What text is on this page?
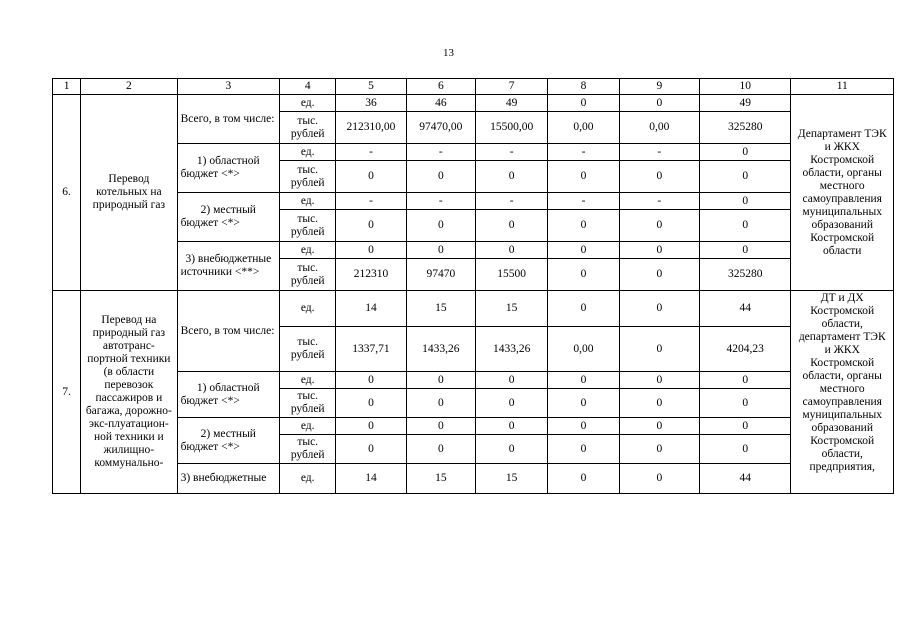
13
1	2	3	4	5	6	7	8	9	10	11
6.	Перевод котельных на природный газ	Всего, в том числе:	ед.	36	46	49	0	0	49	Департамент ТЭК и ЖКХ Костромской области, органы местного самоуправления муниципальных образований Костромской области
			тыс. рублей	212310,00	97470,00	15500,00	0,00	0,00	325280	
		1) областной бюджет <*>	ед.	-	-	-	-	-	0	
			тыс. рублей	0	0	0	0	0	0	
		2) местный бюджет <*>	ед.	-	-	-	-	-	0	
			тыс. рублей	0	0	0	0	0	0	
		3) внебюджетные источники <**>	ед.	0	0	0	0	0	0	
			тыс. рублей	212310	97470	15500	0	0	325280	
7.	Перевод на природный газ автотранс-портной техники (в области перевозок пассажиров и багажа, дорожно-экс-плуатацион-ной техники и жилищно-коммунально-	Всего, в том числе:	ед.	14	15	15	0	0	44	ДТ и ДХ Костромской области, департамент ТЭК и ЖКХ Костромской области, органы местного самоуправления муниципальных образований Костромской области, предприятия,
			тыс. рублей	1337,71	1433,26	1433,26	0,00	0	4204,23	
		1) областной бюджет <*>	ед.	0	0	0	0	0	0	
			тыс. рублей	0	0	0	0	0	0	
		2) местный бюджет <*>	ед.	0	0	0	0	0	0	
			тыс. рублей	0	0	0	0	0	0	
		3) внебюджетные	ед.	14	15	15	0	0	44	
